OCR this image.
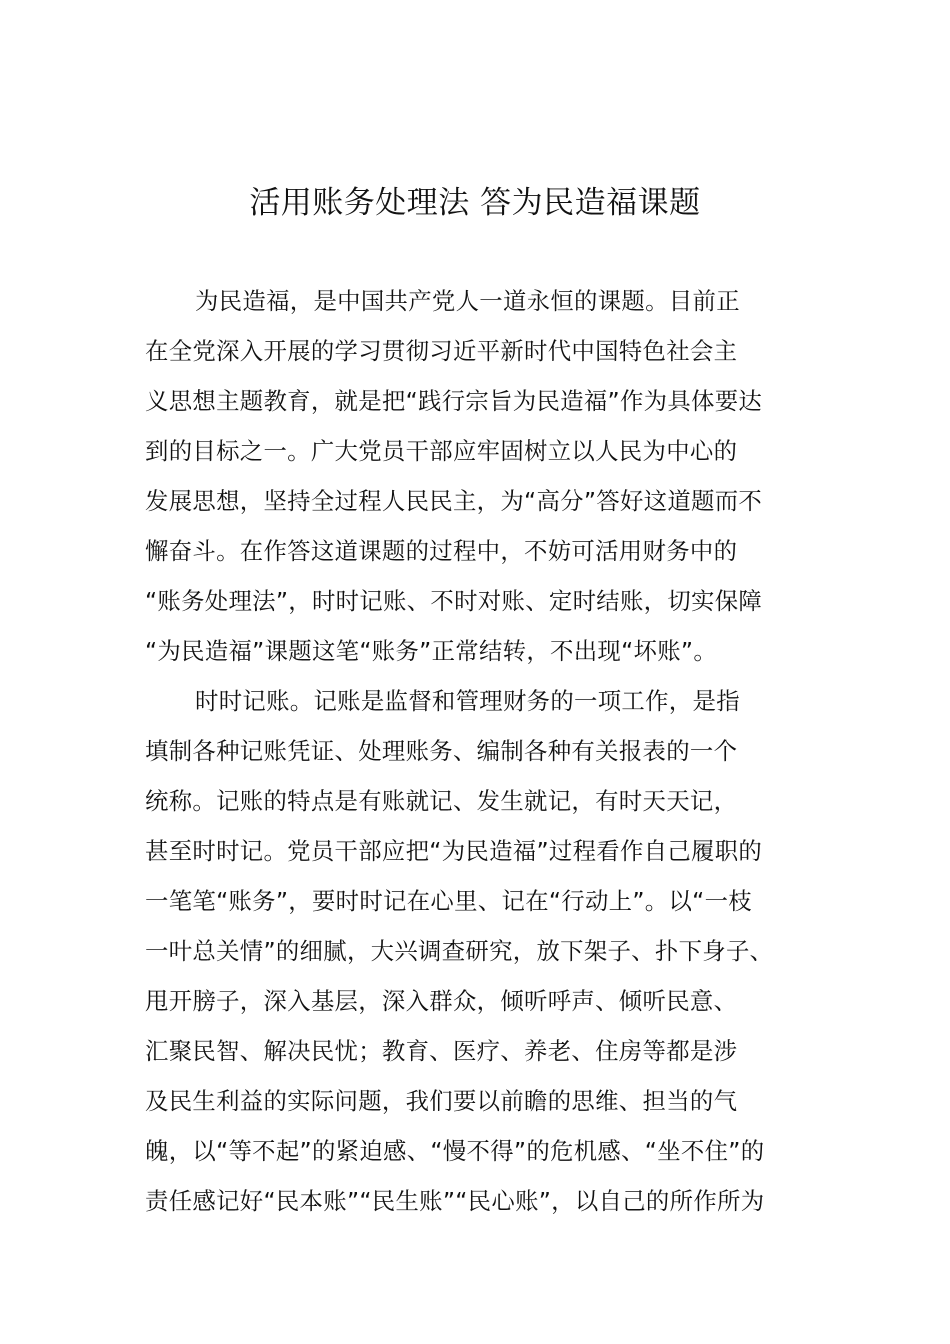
活用账务处理法 答为民造福课题
为民造福，是中国共产党人一道永恒的课题。目前正
在全党深入开展的学习贯彻习近平新时代中国特色社会主
义思想主题教育，就是把“践行宗旨为民造福”作为具体要达
到的目标之一。广大党员干部应牢固树立以人民为中心的
发展思想，坚持全过程人民民主，为“高分”答好这道题而不
懈奋斗。在作答这道课题的过程中，不妨可活用财务中的
“账务处理法”，时时记账、不时对账、定时结账，切实保障
“为民造福”课题这笔“账务”正常结转，不出现“坏账”。
时时记账。记账是监督和管理财务的一项工作，是指
填制各种记账凭证、处理账务、编制各种有关报表的一个
统称。记账的特点是有账就记、发生就记，有时天天记，
甚至时时记。党员干部应把“为民造福”过程看作自己履职的
一笔笔“账务”，要时时记在心里、记在“行动上”。以“一枝
一叶总关情”的细腻，大兴调查研究，放下架子、扑下身子、
甩开膀子，深入基层，深入群众，倾听呼声、倾听民意、
汇聚民智、解决民忧；教育、医疗、养老、住房等都是涉
及民生利益的实际问题，我们要以前瞻的思维、担当的气
魄，以“等不起”的紧迫感、“慢不得”的危机感、“坐不住”的
责任感记好“民本账”“民生账”“民心账”，以自己的所作所为
